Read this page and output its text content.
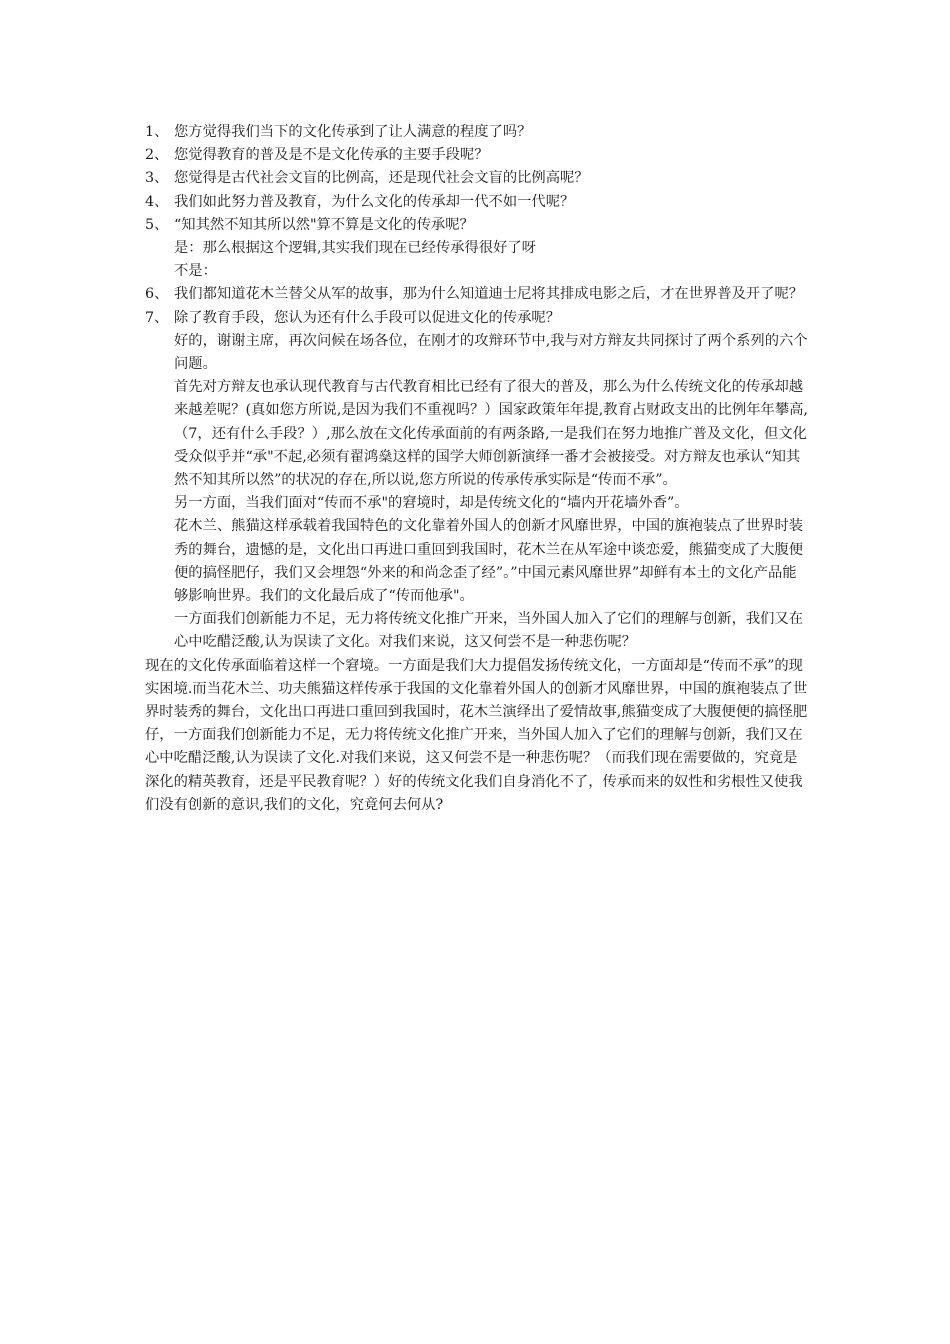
1、 您方觉得我们当下的文化传承到了让人满意的程度了吗？
2、 您觉得教育的普及是不是文化传承的主要手段呢？
3、 您觉得是古代社会文盲的比例高，还是现代社会文盲的比例高呢？
4、 我们如此努力普及教育，为什么文化的传承却一代不如一代呢？
5、 “知其然不知其所以然"算不算是文化的传承呢？
是：那么根据这个逻辑,其实我们现在已经传承得很好了呀
不是：
6、 我们都知道花木兰替父从军的故事，那为什么知道迪士尼将其排成电影之后，才在世界普及开了呢？
7、 除了教育手段，您认为还有什么手段可以促进文化的传承呢？
好的，谢谢主席，再次问候在场各位，在刚才的攻辩环节中,我与对方辩友共同探讨了两个系列的六个问题。
首先对方辩友也承认现代教育与古代教育相比已经有了很大的普及，那么为什么传统文化的传承却越来越差呢？(真如您方所说,是因为我们不重视吗？）国家政策年年提,教育占财政支出的比例年年攀高,（7，还有什么手段？）,那么放在文化传承面前的有两条路,一是我们在努力地推广普及文化，但文化受众似乎并“承"不起,必须有翟鸿燊这样的国学大师创新演绎一番才会被接受。对方辩友也承认“知其然不知其所以然”的状况的存在,所以说,您方所说的传承传承实际是“传而不承”。
另一方面，当我们面对“传而不承"的窘境时，却是传统文化的“墙内开花墙外香”。
花木兰、熊猫这样承载着我国特色的文化靠着外国人的创新才风靡世界，中国的旗袍装点了世界时装秀的舞台，遗憾的是，文化出口再进口重回到我国时，花木兰在从军途中谈恋爱，熊猫变成了大腹便便的搞怪肥仔，我们又会埋怨“外来的和尚念歪了经”。”中国元素风靡世界”却鲜有本土的文化产品能够影响世界。我们的文化最后成了“传而他承"。
一方面我们创新能力不足，无力将传统文化推广开来，当外国人加入了它们的理解与创新，我们又在心中吃醋泛酸,认为误读了文化。对我们来说，这又何尝不是一种悲伤呢？
现在的文化传承面临着这样一个窘境。一方面是我们大力提倡发扬传统文化，一方面却是“传而不承”的现实困境.而当花木兰、功夫熊猫这样传承于我国的文化靠着外国人的创新才风靡世界，中国的旗袍装点了世界时装秀的舞台，文化出口再进口重回到我国时，花木兰演绎出了爱情故事,熊猫变成了大腹便便的搞怪肥仔，一方面我们创新能力不足，无力将传统文化推广开来，当外国人加入了它们的理解与创新，我们又在心中吃醋泛酸,认为误读了文化.对我们来说，这又何尝不是一种悲伤呢？（而我们现在需要做的，究竟是深化的精英教育，还是平民教育呢？）好的传统文化我们自身消化不了，传承而来的奴性和劣根性又使我们没有创新的意识,我们的文化，究竟何去何从?
